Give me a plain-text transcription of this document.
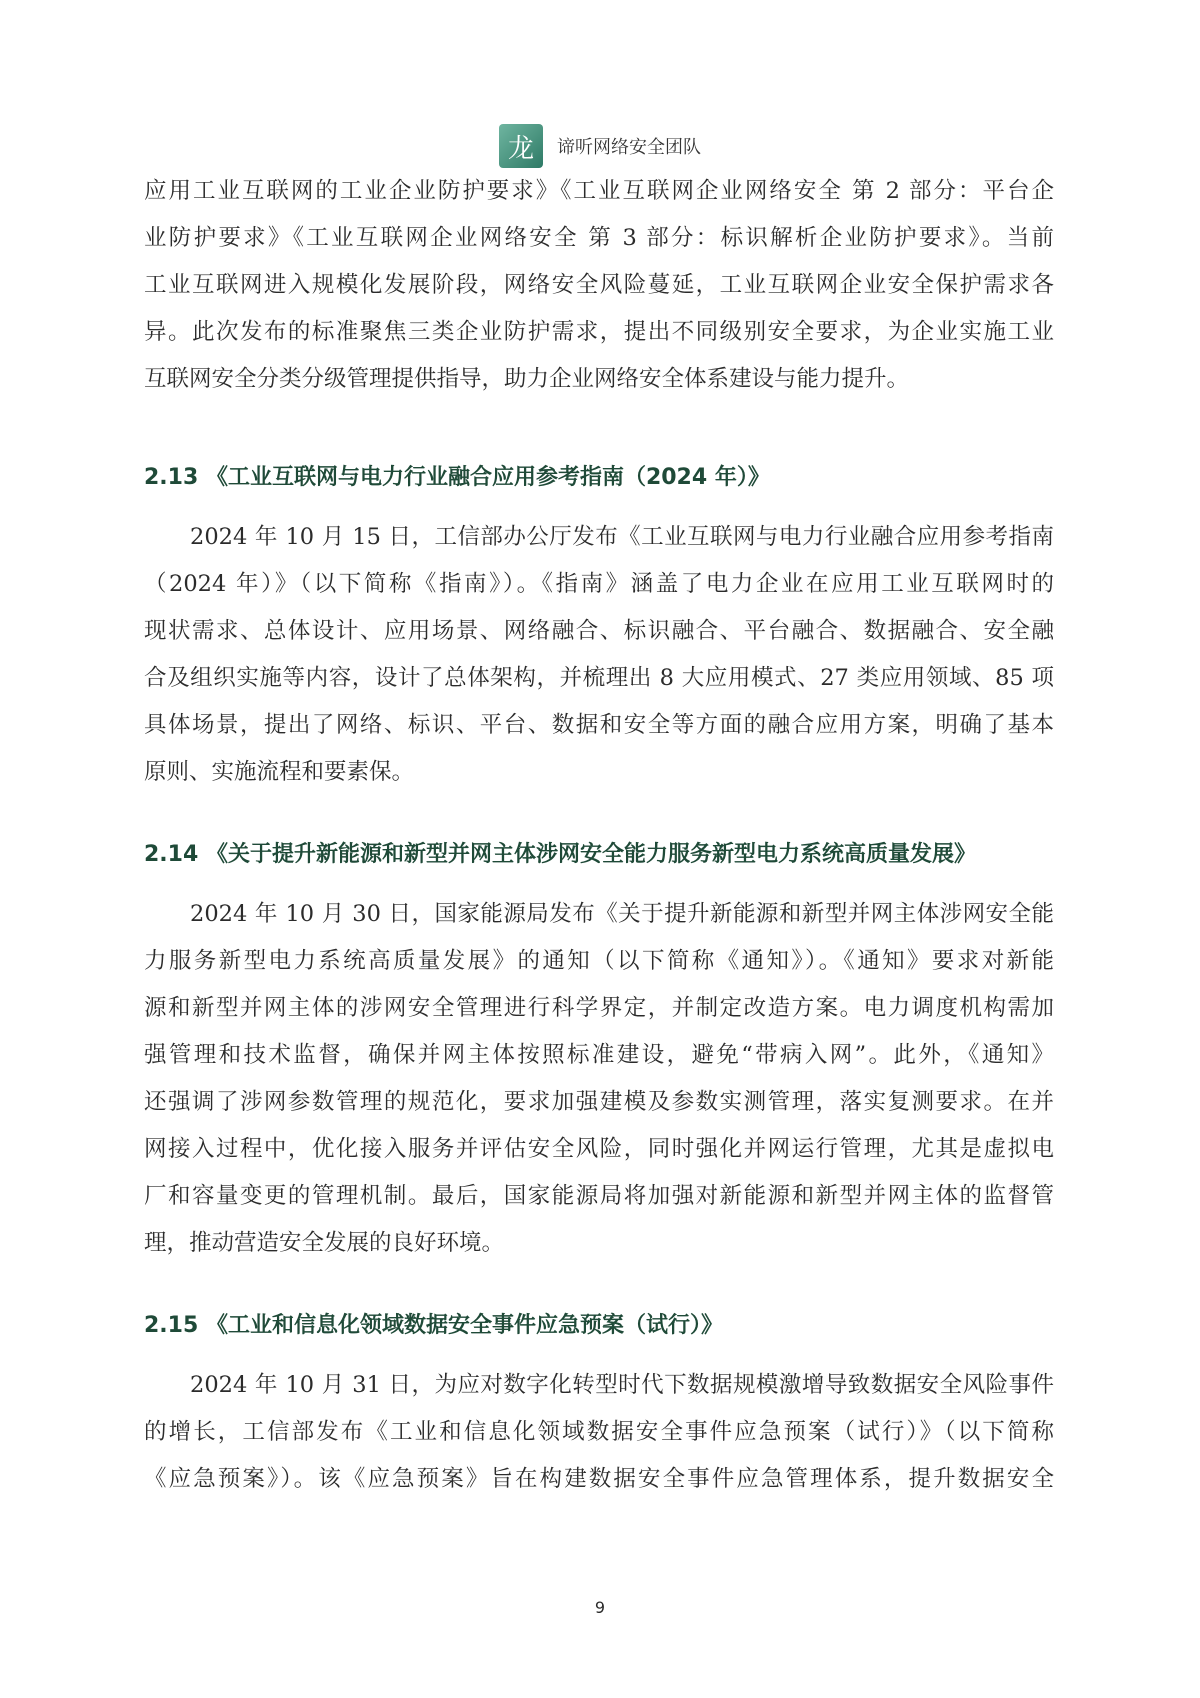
龙	谛听网络安全团队
应用工业互联网的工业企业防护要求》《工业互联网企业网络安全 第 2 部分：平台企
业防护要求》《工业互联网企业网络安全 第 3 部分：标识解析企业防护要求》。当前
工业互联网进入规模化发展阶段，网络安全风险蔓延，工业互联网企业安全保护需求各
异。此次发布的标准聚焦三类企业防护需求，提出不同级别安全要求，为企业实施工业
互联网安全分类分级管理提供指导，助力企业网络安全体系建设与能力提升。
2.13 《工业互联网与电力行业融合应用参考指南（2024 年）》
2024 年 10 月 15 日，工信部办公厅发布《工业互联网与电力行业融合应用参考指南
（2024 年）》（以下简称《指南》）。《指南》涵盖了电力企业在应用工业互联网时的
现状需求、总体设计、应用场景、网络融合、标识融合、平台融合、数据融合、安全融
合及组织实施等内容，设计了总体架构，并梳理出 8 大应用模式、27 类应用领域、85 项
具体场景，提出了网络、标识、平台、数据和安全等方面的融合应用方案，明确了基本
原则、实施流程和要素保。
2.14 《关于提升新能源和新型并网主体涉网安全能力服务新型电力系统高质量发展》
2024 年 10 月 30 日，国家能源局发布《关于提升新能源和新型并网主体涉网安全能
力服务新型电力系统高质量发展》的通知（以下简称《通知》）。《通知》要求对新能
源和新型并网主体的涉网安全管理进行科学界定，并制定改造方案。电力调度机构需加
强管理和技术监督，确保并网主体按照标准建设，避免“带病入网”。此外，《通知》
还强调了涉网参数管理的规范化，要求加强建模及参数实测管理，落实复测要求。在并
网接入过程中，优化接入服务并评估安全风险，同时强化并网运行管理，尤其是虚拟电
厂和容量变更的管理机制。最后，国家能源局将加强对新能源和新型并网主体的监督管
理，推动营造安全发展的良好环境。
2.15 《工业和信息化领域数据安全事件应急预案（试行）》
2024 年 10 月 31 日，为应对数字化转型时代下数据规模激增导致数据安全风险事件
的增长，工信部发布《工业和信息化领域数据安全事件应急预案（试行）》（以下简称
《应急预案》）。该《应急预案》旨在构建数据安全事件应急管理体系，提升数据安全
9
